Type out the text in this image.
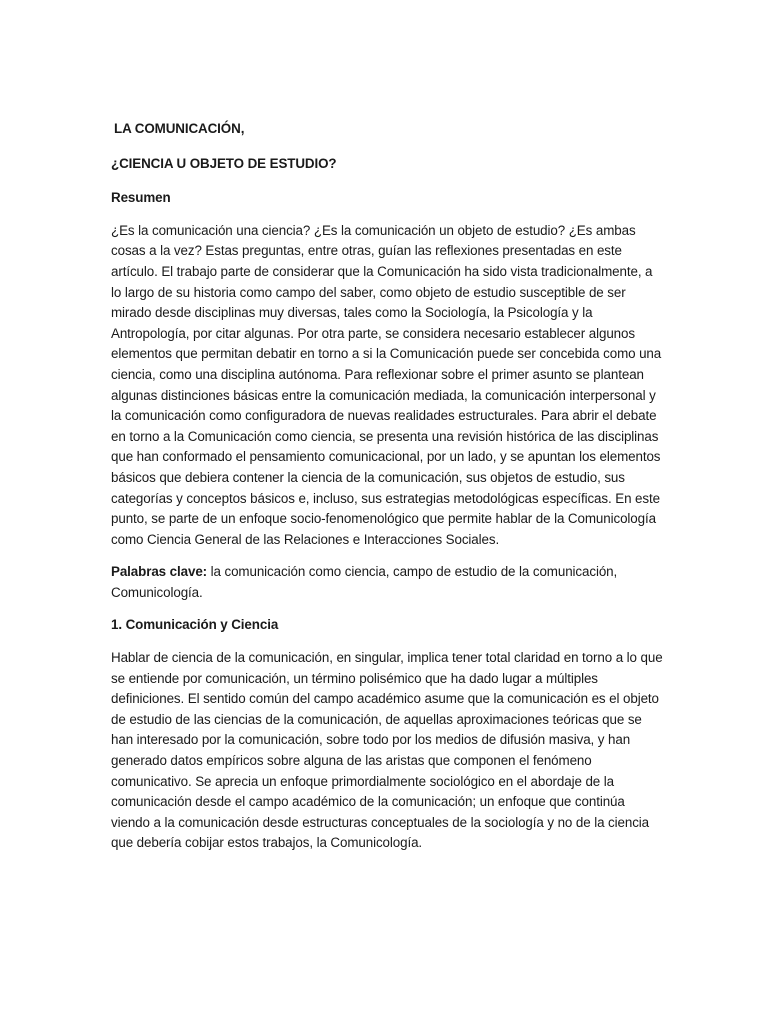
LA COMUNICACIÓN,
¿CIENCIA U OBJETO DE ESTUDIO?
Resumen

¿Es la comunicación una ciencia? ¿Es la comunicación un objeto de estudio? ¿Es ambas cosas a la vez? Estas preguntas, entre otras, guían las reflexiones presentadas en este artículo. El trabajo parte de considerar que la Comunicación ha sido vista tradicionalmente, a lo largo de su historia como campo del saber, como objeto de estudio susceptible de ser mirado desde disciplinas muy diversas, tales como la Sociología, la Psicología y la Antropología, por citar algunas. Por otra parte, se considera necesario establecer algunos elementos que permitan debatir en torno a si la Comunicación puede ser concebida como una ciencia, como una disciplina autónoma. Para reflexionar sobre el primer asunto se plantean algunas distinciones básicas entre la comunicación mediada, la comunicación interpersonal y la comunicación como configuradora de nuevas realidades estructurales. Para abrir el debate en torno a la Comunicación como ciencia, se presenta una revisión histórica de las disciplinas que han conformado el pensamiento comunicacional, por un lado, y se apuntan los elementos básicos que debiera contener la ciencia de la comunicación, sus objetos de estudio, sus categorías y conceptos básicos e, incluso, sus estrategias metodológicas específicas. En este punto, se parte de un enfoque socio-fenomenológico que permite hablar de la Comunicología como Ciencia General de las Relaciones e Interacciones Sociales.

Palabras clave: la comunicación como ciencia, campo de estudio de la comunicación, Comunicología.

1. Comunicación y Ciencia

Hablar de ciencia de la comunicación, en singular, implica tener total claridad en torno a lo que se entiende por comunicación, un término polisémico que ha dado lugar a múltiples definiciones. El sentido común del campo académico asume que la comunicación es el objeto de estudio de las ciencias de la comunicación, de aquellas aproximaciones teóricas que se han interesado por la comunicación, sobre todo por los medios de difusión masiva, y han generado datos empíricos sobre alguna de las aristas que componen el fenómeno comunicativo. Se aprecia un enfoque primordialmente sociológico en el abordaje de la comunicación desde el campo académico de la comunicación; un enfoque que continúa viendo a la comunicación desde estructuras conceptuales de la sociología y no de la ciencia que debería cobijar estos trabajos, la Comunicología.
